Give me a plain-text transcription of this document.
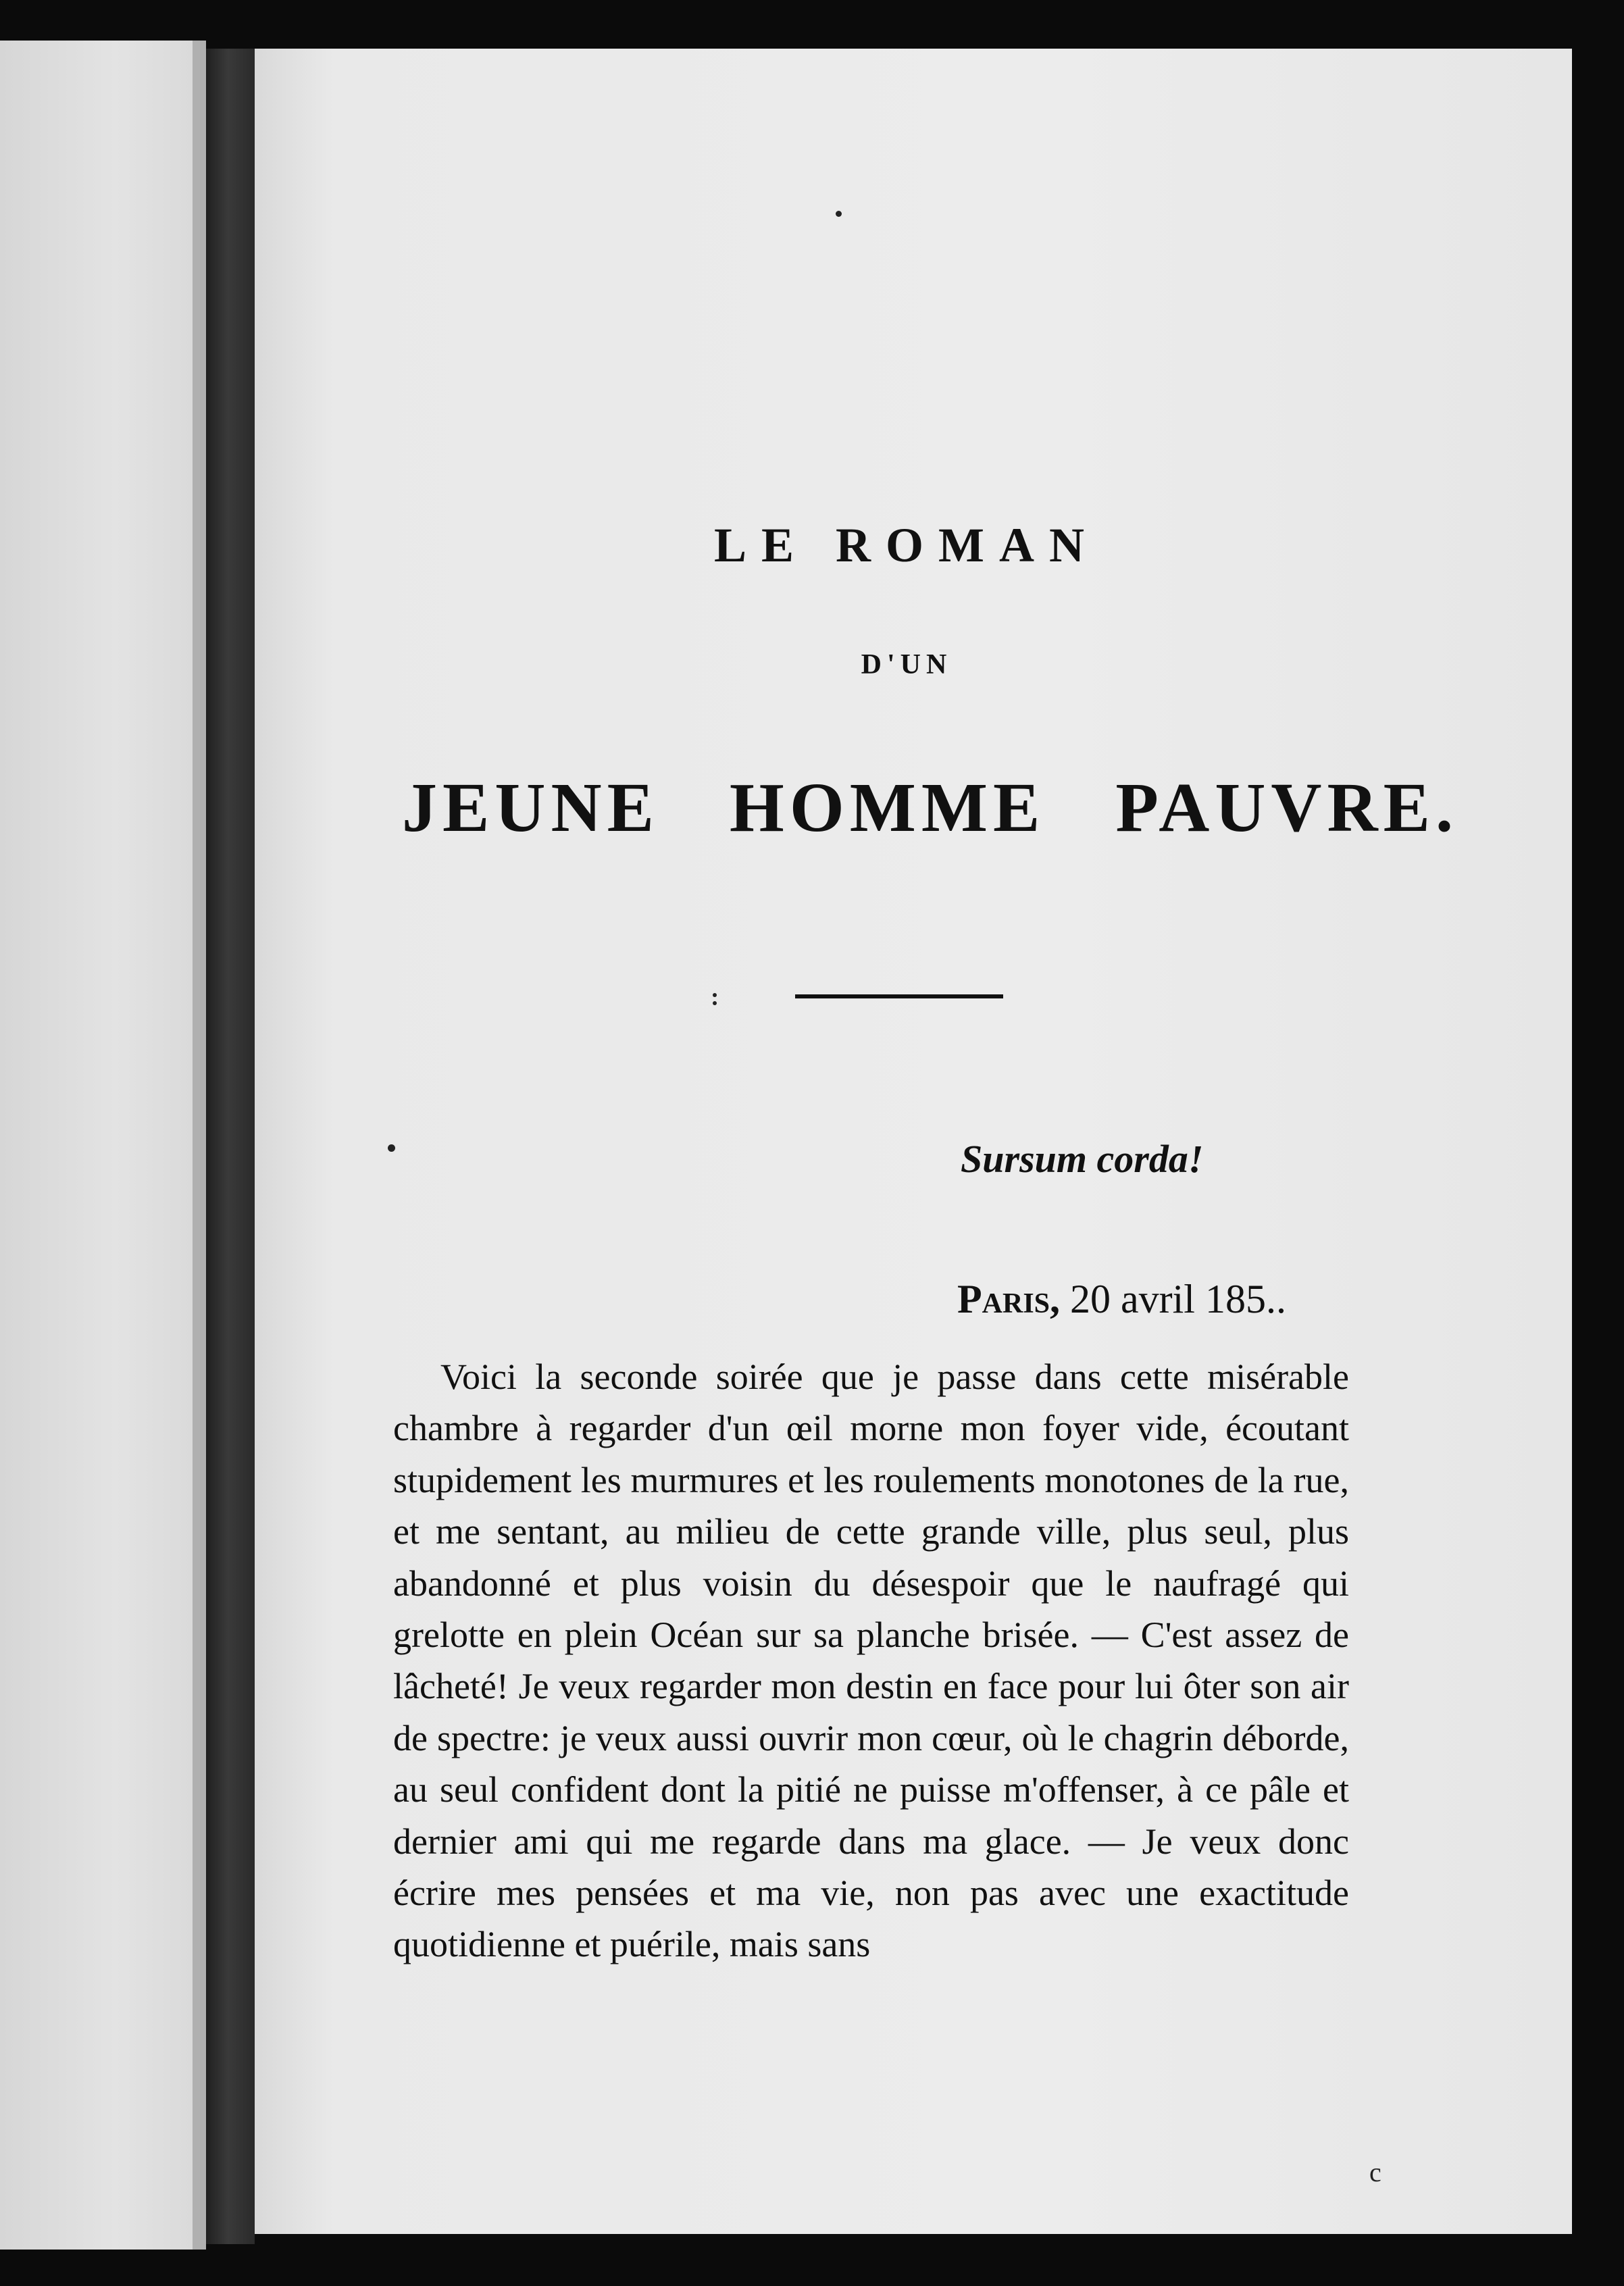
LE ROMAN
D'UN
JEUNE HOMME PAUVRE.
Sursum corda!
Paris, 20 avril 185..

Voici la seconde soirée que je passe dans cette misérable chambre à regarder d'un œil morne mon foyer vide, écoutant stupidement les murmures et les roulements monotones de la rue, et me sentant, au milieu de cette grande ville, plus seul, plus abandonné et plus voisin du désespoir que le naufragé qui grelotte en plein Océan sur sa planche brisée. — C'est assez de lâcheté! Je veux regarder mon destin en face pour lui ôter son air de spectre: je veux aussi ouvrir mon cœur, où le chagrin déborde, au seul confident dont la pitié ne puisse m'offenser, à ce pâle et dernier ami qui me regarde dans ma glace. — Je veux donc écrire mes pensées et ma vie, non pas avec une exactitude quotidienne et puérile, mais sans

c
